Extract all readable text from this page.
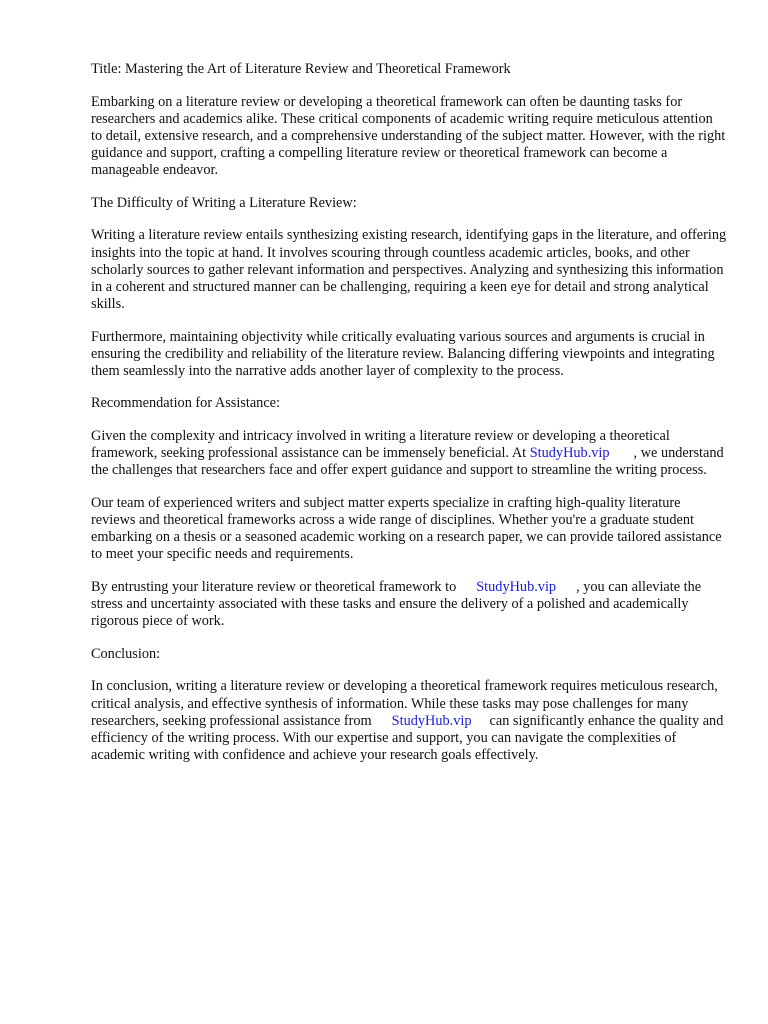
Title: Mastering the Art of Literature Review and Theoretical Framework

Embarking on a literature review or developing a theoretical framework can often be daunting tasks for researchers and academics alike. These critical components of academic writing require meticulous attention to detail, extensive research, and a comprehensive understanding of the subject matter. However, with the right guidance and support, crafting a compelling literature review or theoretical framework can become a manageable endeavor.

The Difficulty of Writing a Literature Review:

Writing a literature review entails synthesizing existing research, identifying gaps in the literature, and offering insights into the topic at hand. It involves scouring through countless academic articles, books, and other scholarly sources to gather relevant information and perspectives. Analyzing and synthesizing this information in a coherent and structured manner can be challenging, requiring a keen eye for detail and strong analytical skills.

Furthermore, maintaining objectivity while critically evaluating various sources and arguments is crucial in ensuring the credibility and reliability of the literature review. Balancing differing viewpoints and integrating them seamlessly into the narrative adds another layer of complexity to the process.

Recommendation for Assistance:

Given the complexity and intricacy involved in writing a literature review or developing a theoretical framework, seeking professional assistance can be immensely beneficial. At StudyHub.vip , we understand the challenges that researchers face and offer expert guidance and support to streamline the writing process.

Our team of experienced writers and subject matter experts specialize in crafting high-quality literature reviews and theoretical frameworks across a wide range of disciplines. Whether you're a graduate student embarking on a thesis or a seasoned academic working on a research paper, we can provide tailored assistance to meet your specific needs and requirements.

By entrusting your literature review or theoretical framework to StudyHub.vip , you can alleviate the stress and uncertainty associated with these tasks and ensure the delivery of a polished and academically rigorous piece of work.

Conclusion:

In conclusion, writing a literature review or developing a theoretical framework requires meticulous research, critical analysis, and effective synthesis of information. While these tasks may pose challenges for many researchers, seeking professional assistance from StudyHub.vip can significantly enhance the quality and efficiency of the writing process. With our expertise and support, you can navigate the complexities of academic writing with confidence and achieve your research goals effectively.
